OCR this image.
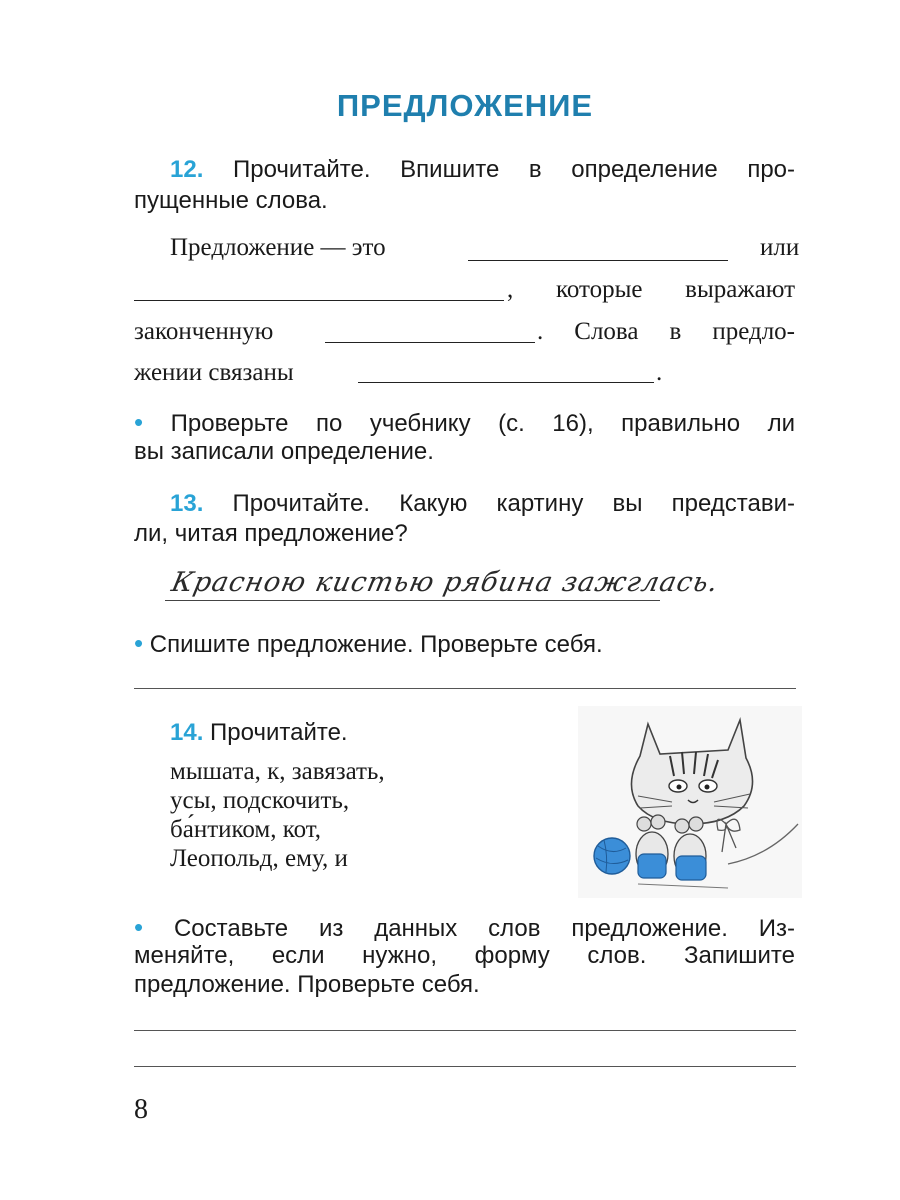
ПРЕДЛОЖЕНИЕ
12. Прочитайте. Впишите в определение про-
пущенные слова.
Предложение — это	или
, которые выражают
законченную	. Слова в предло-
жении связаны	.
• Проверьте по учебнику (с. 16), правильно ли
вы записали определение.
13. Прочитайте. Какую картину вы представи-
ли, читая предложение?
Красною кистью рябина зажглась.
• Спишите предложение. Проверьте себя.
14. Прочитайте.
мышата, к, завязать,
усы, подскочить,
ба́нтиком, кот,
Леопольд, ему, и
• Составьте из данных слов предложение. Из-
меняйте, если нужно, форму слов. Запишите
предложение. Проверьте себя.
8
